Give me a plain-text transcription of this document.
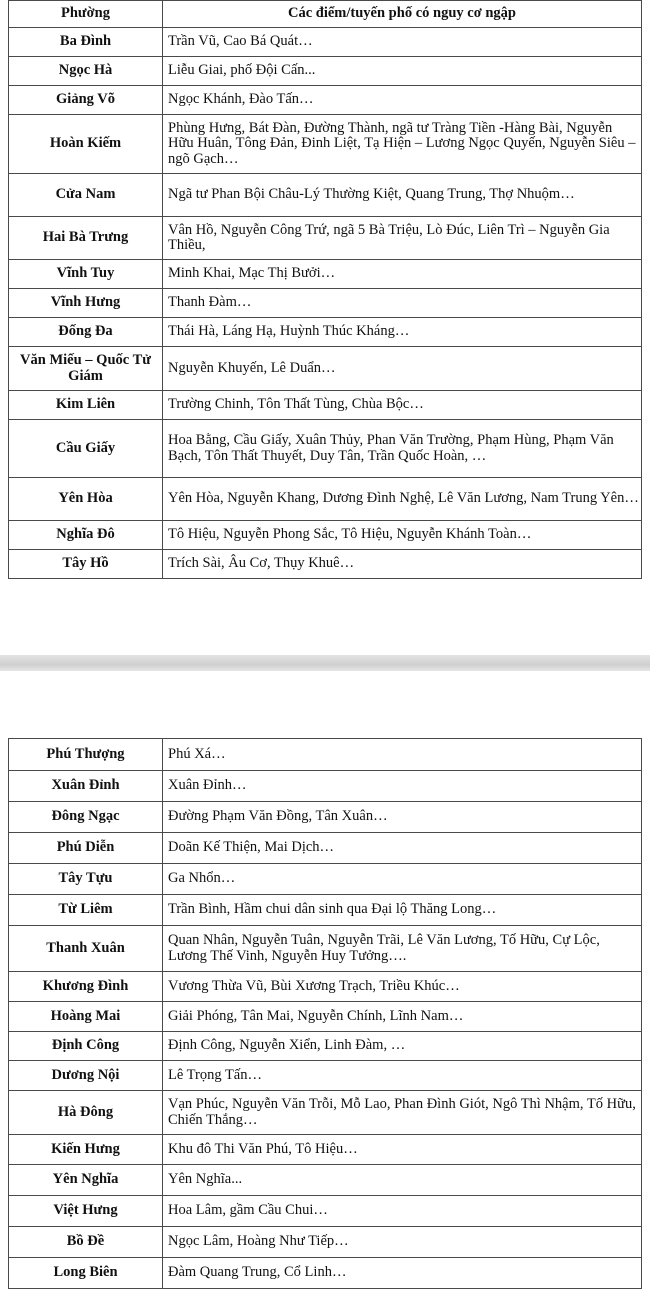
Phường	Các điểm/tuyến phố có nguy cơ ngập
Ba Đình	Trần Vũ, Cao Bá Quát…
Ngọc Hà	Liễu Giai, phố Đội Cấn...
Giảng Võ	Ngọc Khánh, Đào Tấn…
Hoàn Kiếm	Phùng Hưng, Bát Đàn, Đường Thành, ngã tư Tràng Tiền -Hàng Bài, Nguyễn Hữu Huân, Tông Đản, Đinh Liệt, Tạ Hiện – Lương Ngọc Quyến, Nguyễn Siêu – ngõ Gạch…
Cửa Nam	Ngã tư Phan Bội Châu-Lý Thường Kiệt, Quang Trung, Thợ Nhuộm…
Hai Bà Trưng	Vân Hồ, Nguyễn Công Trứ, ngã 5 Bà Triệu, Lò Đúc, Liên Trì – Nguyễn Gia Thiều,
Vĩnh Tuy	Minh Khai, Mạc Thị Bưởi…
Vĩnh Hưng	Thanh Đàm…
Đống Đa	Thái Hà, Láng Hạ, Huỳnh Thúc Kháng…
Văn Miếu – Quốc Tử Giám	Nguyễn Khuyến, Lê Duẩn…
Kim Liên	Trường Chinh, Tôn Thất Tùng, Chùa Bộc…
Cầu Giấy	Hoa Bằng, Cầu Giấy, Xuân Thủy, Phan Văn Trường, Phạm Hùng, Phạm Văn Bạch, Tôn Thất Thuyết, Duy Tân, Trần Quốc Hoàn, …
Yên Hòa	Yên Hòa, Nguyễn Khang, Dương Đình Nghệ, Lê Văn Lương, Nam Trung Yên…
Nghĩa Đô	Tô Hiệu, Nguyễn Phong Sắc, Tô Hiệu, Nguyễn Khánh Toàn…
Tây Hồ	Trích Sài, Âu Cơ, Thụy Khuê…
Phú Thượng	Phú Xá…
Xuân Đỉnh	Xuân Đỉnh…
Đông Ngạc	Đường Phạm Văn Đồng, Tân Xuân…
Phú Diễn	Doãn Kế Thiện, Mai Dịch…
Tây Tựu	Ga Nhổn…
Từ Liêm	Trần Bình, Hầm chui dân sinh qua Đại lộ Thăng Long…
Thanh Xuân	Quan Nhân, Nguyễn Tuân, Nguyễn Trãi, Lê Văn Lương, Tố Hữu, Cự Lộc, Lương Thế Vinh, Nguyễn Huy Tưởng….
Khương Đình	Vương Thừa Vũ, Bùi Xương Trạch, Triều Khúc…
Hoàng Mai	Giải Phóng, Tân Mai, Nguyễn Chính, Lĩnh Nam…
Định Công	Định Công, Nguyễn Xiển, Linh Đàm, …
Dương Nội	Lê Trọng Tấn…
Hà Đông	Vạn Phúc, Nguyễn Văn Trỗi, Mỗ Lao, Phan Đình Giót, Ngô Thì Nhậm, Tố Hữu, Chiến Thắng…
Kiến Hưng	Khu đô Thi Văn Phú, Tô Hiệu…
Yên Nghĩa	Yên Nghĩa...
Việt Hưng	Hoa Lâm, gầm Cầu Chui…
Bồ Đề	Ngọc Lâm, Hoàng Như Tiếp…
Long Biên	Đàm Quang Trung, Cổ Linh…
